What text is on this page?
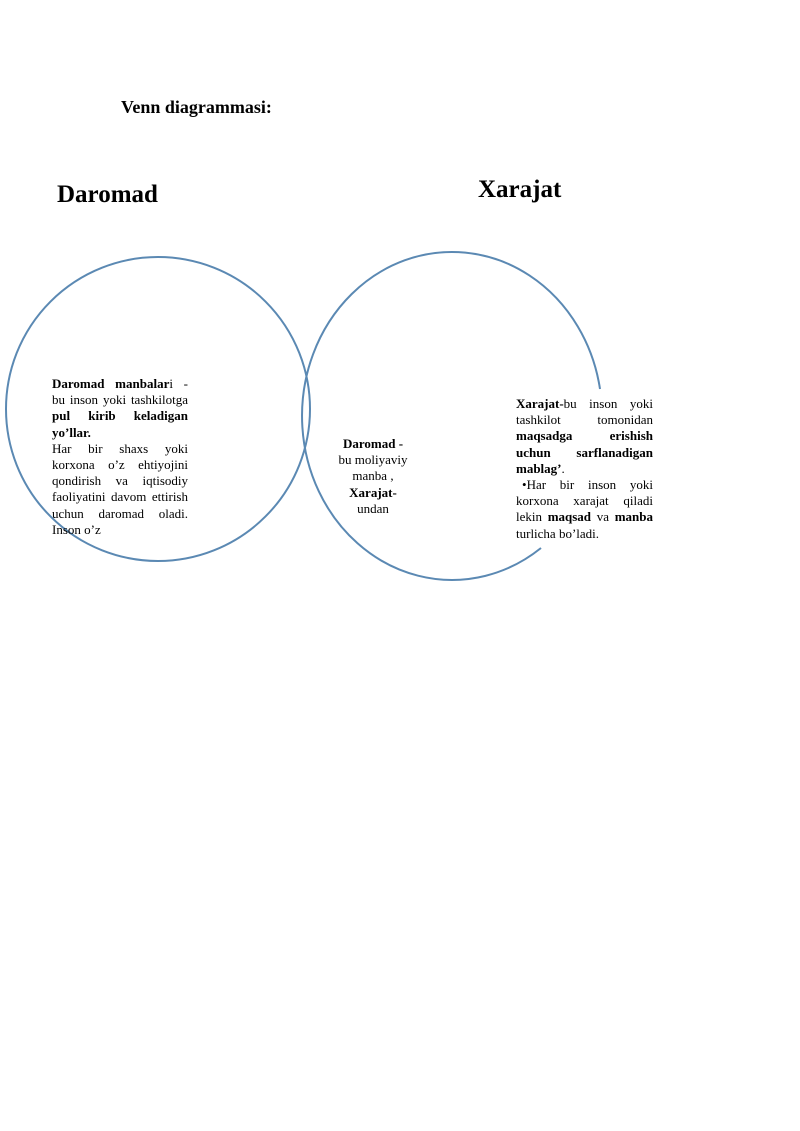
Venn diagrammasi:
Daromad	Xarajat
Daromad manbalari - bu inson yoki tashkilotga pul kirib keladigan yo’llar.
Har bir shaxs yoki korxona o’z ehtiyojini qondirish va iqtisodiy faoliyatini davom ettirish uchun daromad oladi. Inson o’z
Daromad -
bu moliyaviy manba ,
Xarajat-
undan
Xarajat-bu inson yoki tashkilot tomonidan maqsadga erishish uchun sarflanadigan mablag’.
•Har bir inson yoki korxona xarajat qiladi lekin maqsad va manba turlicha bo’ladi.
